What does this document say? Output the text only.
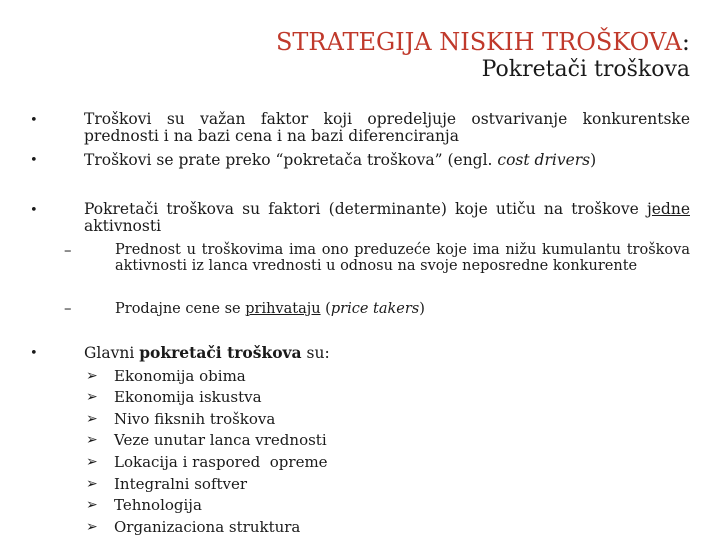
STRATEGIJA NISKIH TROŠKOVA:
Pokretači troškova
•	Troškovi su važan faktor koji opredeljuje ostvarivanje konkurentske prednosti i na bazi cena i na bazi diferenciranja
•	Troškovi se prate preko “pokretača troškova” (engl. cost drivers)
•	Pokretači troškova su faktori (determinante) koje utiču na troškove jedne aktivnosti
–	Prednost u troškovima ima ono preduzeće koje ima nižu kumulantu troškova aktivnosti iz lanca vrednosti u odnosu na svoje neposredne konkurente
–	Prodajne cene se prihvataju (price takers)
•	Glavni pokretači troškova su:
➢ Ekonomija obima
➢ Ekonomija iskustva
➢ Nivo fiksnih troškova
➢ Veze unutar lanca vrednosti
➢ Lokacija i raspored  opreme
➢ Integralni softver
➢ Tehnologija
➢ Organizaciona struktura
